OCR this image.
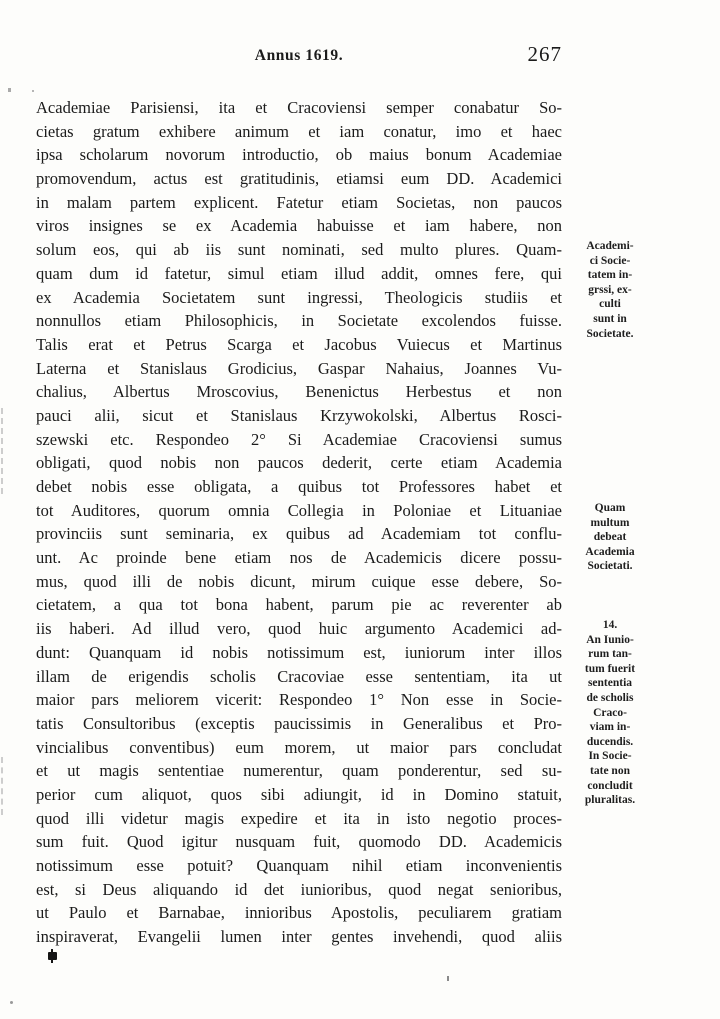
Annus 1619.	267
Academiae Parisiensi, ita et Cracoviensi semper conabatur So-
cietas gratum exhibere animum et iam conatur, imo et haec
ipsa scholarum novorum introductio, ob maius bonum Academiae
promovendum, actus est gratitudinis, etiamsi eum DD. Academici
in malam partem explicent. Fatetur etiam Societas, non paucos
viros insignes se ex Academia habuisse et iam habere, non
solum eos, qui ab iis sunt nominati, sed multo plures. Quam-
quam dum id fatetur, simul etiam illud addit, omnes fere, qui
ex Academia Societatem sunt ingressi, Theologicis studiis et
nonnullos etiam Philosophicis, in Societate excolendos fuisse.
Talis erat et Petrus Scarga et Jacobus Vuiecus et Martinus
Laterna et Stanislaus Grodicius, Gaspar Nahaius, Joannes Vu-
chalius, Albertus Mroscovius, Benenictus Herbestus et non
pauci alii, sicut et Stanislaus Krzywokolski, Albertus Rosci-
szewski etc. Respondeo 2° Si Academiae Cracoviensi sumus
obligati, quod nobis non paucos dederit, certe etiam Academia
debet nobis esse obligata, a quibus tot Professores habet et
tot Auditores, quorum omnia Collegia in Poloniae et Lituaniae
provinciis sunt seminaria, ex quibus ad Academiam tot conflu-
unt. Ac proinde bene etiam nos de Academicis dicere possu-
mus, quod illi de nobis dicunt, mirum cuique esse debere, So-
cietatem, a qua tot bona habent, parum pie ac reverenter ab
iis haberi. Ad illud vero, quod huic argumento Academici ad-
dunt: Quanquam id nobis notissimum est, iuniorum inter illos
illam de erigendis scholis Cracoviae esse sententiam, ita ut
maior pars meliorem vicerit: Respondeo 1° Non esse in Socie-
tatis Consultoribus (exceptis paucissimis in Generalibus et Pro-
vincialibus conventibus) eum morem, ut maior pars concludat
et ut magis sententiae numerentur, quam ponderentur, sed su-
perior cum aliquot, quos sibi adiungit, id in Domino statuit,
quod illi videtur magis expedire et ita in isto negotio proces-
sum fuit. Quod igitur nusquam fuit, quomodo DD. Academicis
notissimum esse potuit? Quanquam nihil etiam inconvenientis
est, si Deus aliquando id det iunioribus, quod negat senioribus,
ut Paulo et Barnabae, innioribus Apostolis, peculiarem gratiam
inspiraverat, Evangelii lumen inter gentes invehendi, quod aliis
Academi-
ci Socie-
tatem in-
grssi, ex-
culti
sunt in
Societate.
Quam
multum
debeat
Academia
Societati.
14.
An Iunio-
rum tan-
tum fuerit
sententia
de scholis
Craco-
viam in-
ducendis.
In Socie-
tate non
concludit
pluralitas.
